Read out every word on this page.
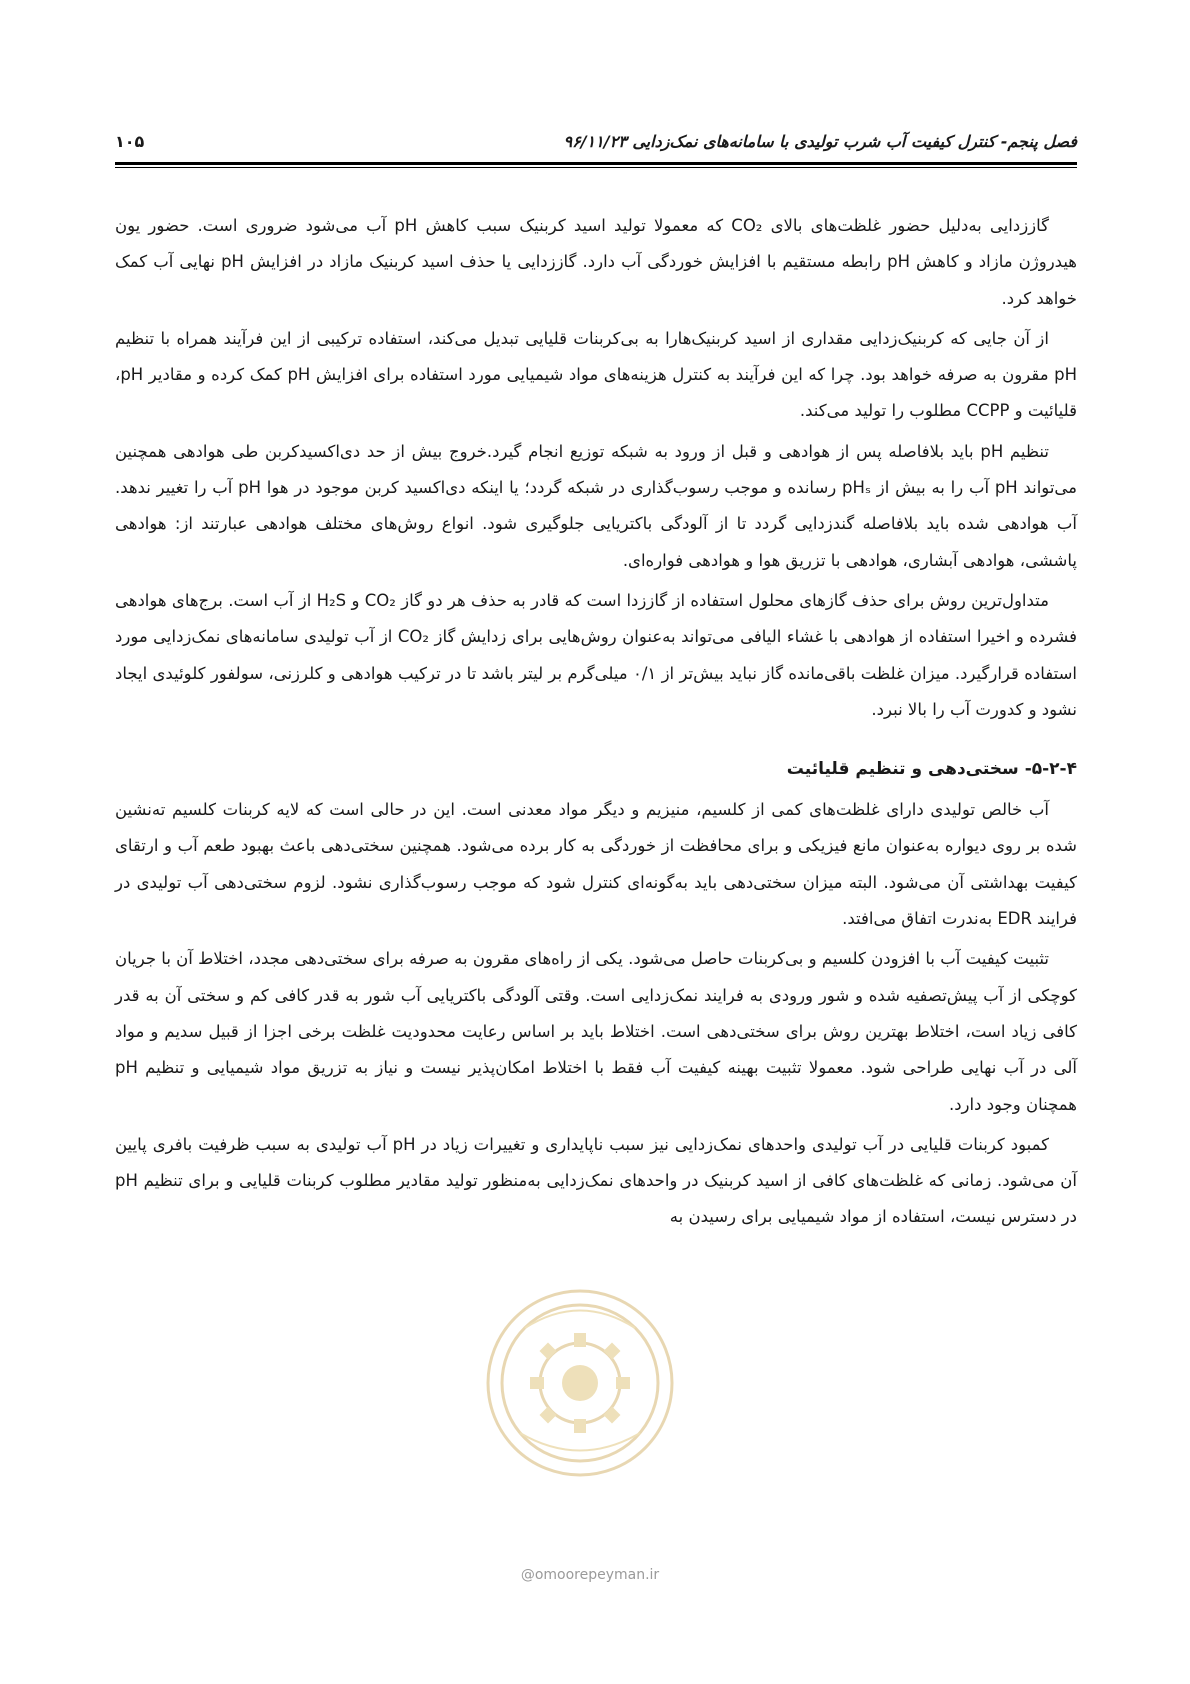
فصل پنجم- کنترل کیفیت آب شرب تولیدی با سامانه‌های نمک‌زدایی ۹۶/۱۱/۲۳
۱۰۵

گاززدایی به‌دلیل حضور غلظت‌های بالای CO₂ که معمولا تولید اسید کربنیک سبب کاهش pH آب می‌شود ضروری است. حضور یون هیدروژن مازاد و کاهش pH رابطه مستقیم با افزایش خوردگی آب دارد. گاززدایی یا حذف اسید کربنیک مازاد در افزایش pH نهایی آب کمک خواهد کرد.

از آن جایی که کربنیک‌زدایی مقداری از اسید کربنیک‌هارا به بی‌کربنات قلیایی تبدیل می‌کند، استفاده ترکیبی از این فرآیند همراه با تنظیم pH مقرون به صرفه خواهد بود. چرا که این فرآیند به کنترل هزینه‌های مواد شیمیایی مورد استفاده برای افزایش pH کمک کرده و مقادیر pH، قلیائیت و CCPP مطلوب را تولید می‌کند.

تنظیم pH باید بلافاصله پس از هوادهی و قبل از ورود به شبکه توزیع انجام گیرد.خروج بیش از حد دی‌اکسیدکربن طی هوادهی همچنین می‌تواند pH آب را به بیش از pHₛ رسانده و موجب رسوب‌گذاری در شبکه گردد؛ یا اینکه دی‌اکسید کربن موجود در هوا pH آب را تغییر ندهد. آب هوادهی شده باید بلافاصله گندزدایی گردد تا از آلودگی باکتریایی جلوگیری شود. انواع روش‌های مختلف هوادهی عبارتند از: هوادهی پاششی، هوادهی آبشاری، هوادهی با تزریق هوا و هوادهی فواره‌ای.

متداول‌ترین روش برای حذف گازهای محلول استفاده از گاززدا است که قادر به حذف هر دو گاز CO₂ و H₂S از آب است. برج‌های هوادهی فشرده و اخیرا استفاده از هوادهی با غشاء الیافی می‌تواند به‌عنوان روش‌هایی برای زدایش گاز CO₂ از آب تولیدی سامانه‌های نمک‌زدایی مورد استفاده قرارگیرد. میزان غلظت باقی‌مانده گاز نباید بیش‌تر از ۰/۱ میلی‌گرم بر لیتر باشد تا در ترکیب هوادهی و کلرزنی، سولفور کلوئیدی ایجاد نشود و کدورت آب را بالا نبرد.

۵-۲-۴- سختی‌دهی و تنظیم قلیائیت

آب خالص تولیدی دارای غلظت‌های کمی از کلسیم، منیزیم و دیگر مواد معدنی است. این در حالی است که لایه کربنات کلسیم ته‌نشین شده بر روی دیواره به‌عنوان مانع فیزیکی و برای محافظت از خوردگی به کار برده می‌شود. همچنین سختی‌دهی باعث بهبود طعم آب و ارتقای کیفیت بهداشتی آن می‌شود. البته میزان سختی‌دهی باید به‌گونه‌ای کنترل شود که موجب رسوب‌گذاری نشود. لزوم سختی‌دهی آب تولیدی در فرایند EDR به‌ندرت اتفاق می‌افتد.

تثبیت کیفیت آب با افزودن کلسیم و بی‌کربنات حاصل می‌شود. یکی از راه‌های مقرون به صرفه برای سختی‌دهی مجدد، اختلاط آن با جریان کوچکی از آب پیش‌تصفیه شده و شور ورودی به فرایند نمک‌زدایی است. وقتی آلودگی باکتریایی آب شور به قدر کافی کم و سختی آن به قدر کافی زیاد است، اختلاط بهترین روش برای سختی‌دهی است. اختلاط باید بر اساس رعایت محدودیت غلظت برخی اجزا از قبیل سدیم و مواد آلی در آب نهایی طراحی شود. معمولا تثبیت بهینه کیفیت آب فقط با اختلاط امکان‌پذیر نیست و نیاز به تزریق مواد شیمیایی و تنظیم pH همچنان وجود دارد.

کمبود کربنات قلیایی در آب تولیدی واحدهای نمک‌زدایی نیز سبب ناپایداری و تغییرات زیاد در pH آب تولیدی به سبب ظرفیت بافری پایین آن می‌شود. زمانی که غلظت‌های کافی از اسید کربنیک در واحدهای نمک‌زدایی به‌منظور تولید مقادیر مطلوب کربنات قلیایی و برای تنظیم pH در دسترس نیست، استفاده از مواد شیمیایی برای رسیدن به

@omoorepeyman.ir
